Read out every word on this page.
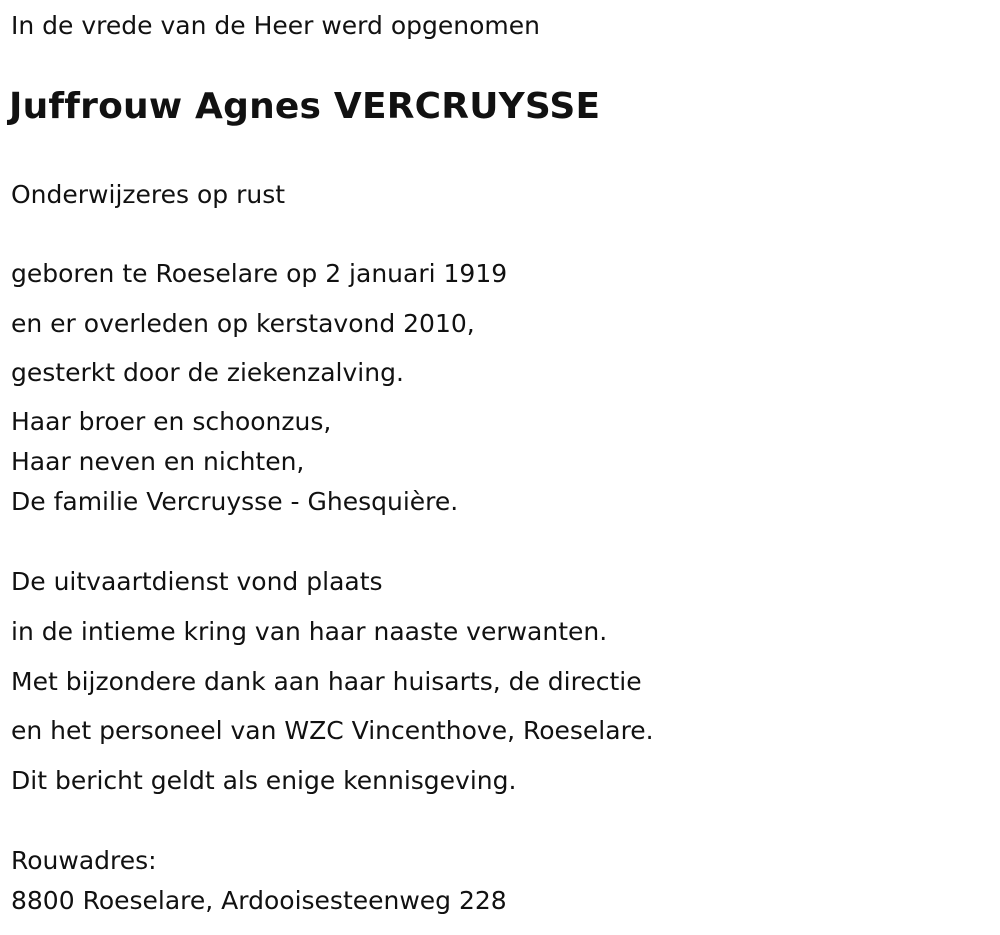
In de vrede van de Heer werd opgenomen
Juffrouw Agnes VERCRUYSSE
Onderwijzeres op rust
geboren te Roeselare op 2 januari 1919
en er overleden op kerstavond 2010,
gesterkt door de ziekenzalving.
Haar broer en schoonzus,
Haar neven en nichten,
De familie Vercruysse - Ghesquière.
De uitvaartdienst vond plaats
in de intieme kring van haar naaste verwanten.
Met bijzondere dank aan haar huisarts, de directie
en het personeel van WZC Vincenthove, Roeselare.
Dit bericht geldt als enige kennisgeving.
Rouwadres:
8800 Roeselare, Ardooisesteenweg 228
